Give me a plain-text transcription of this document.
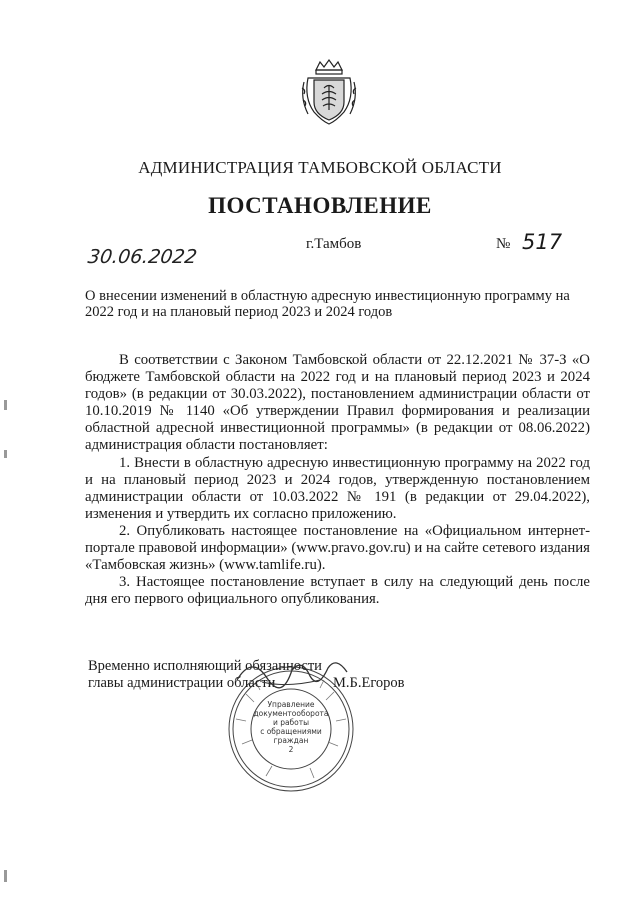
АДМИНИСТРАЦИЯ ТАМБОВСКОЙ ОБЛАСТИ
ПОСТАНОВЛЕНИЕ
30.06.2022
г.Тамбов	№ 517
О внесении изменений в областную адресную инвестиционную программу на 2022 год и на плановый период 2023 и 2024 годов

В соответствии с Законом Тамбовской области от 22.12.2021 № 37-З «О бюджете Тамбовской области на 2022 год и на плановый период 2023 и 2024 годов» (в редакции от 30.03.2022), постановлением администрации области от 10.10.2019 № 1140 «Об утверждении Правил формирования и реализации областной адресной инвестиционной программы» (в редакции от 08.06.2022) администрация области постановляет:

1. Внести в областную адресную инвестиционную программу на 2022 год и на плановый период 2023 и 2024 годов, утвержденную постановлением администрации области от 10.03.2022 № 191 (в редакции от 29.04.2022), изменения и утвердить их согласно приложению.

2. Опубликовать настоящее постановление на «Официальном интернет-портале правовой информации» (www.pravo.gov.ru) и на сайте сетевого издания «Тамбовская жизнь» (www.tamlife.ru).

3. Настоящее постановление вступает в силу на следующий день после дня его первого официального опубликования.

Управление
документооборота
и работы
с обращениями
граждан
2
Временно исполняющий обязанности
главы администрации области	М.Б.Егоров
